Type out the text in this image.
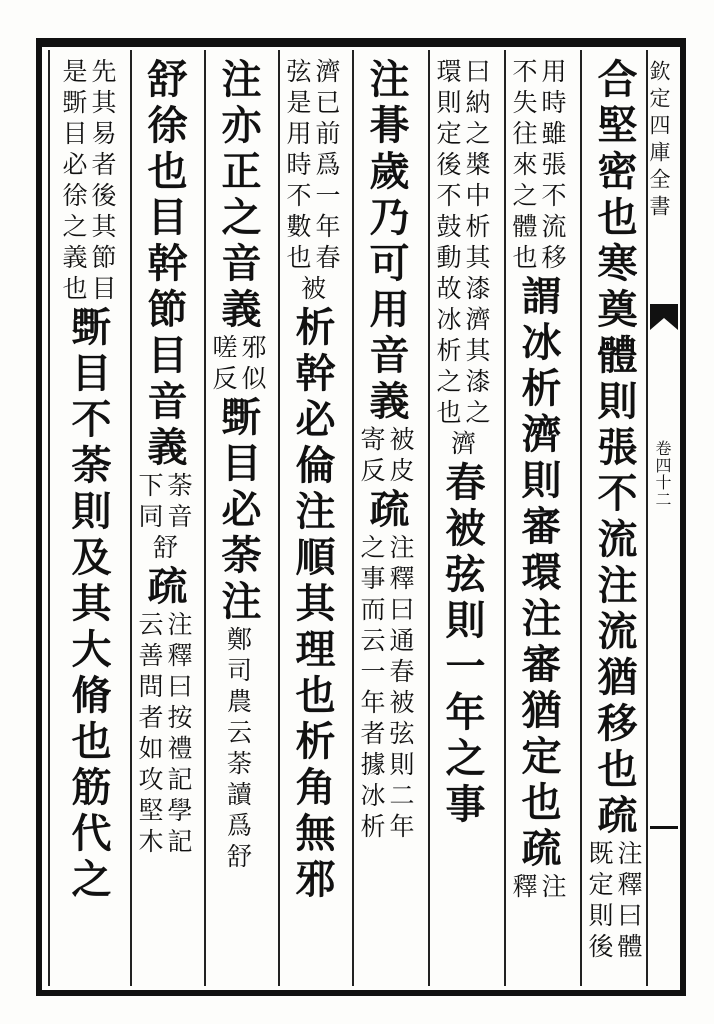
欽定四庫全書
卷四十二
合堅密也寒奠體則張不流注流猶移也疏
注釋曰體
既定則後
用時雖張不流移
不失往來之體也
謂冰析濟則審環注審猶定也疏
注
釋
曰納之槳中析其漆濟其漆之
環則定後不鼓動故冰析之也
濟
春被弦則一年之事
注朞歲乃可用音義
被皮
寄反
疏
注釋曰通春被弦則二年
之事而云一年者據冰析
濟已前爲一年春
弦是用時不數也
被
析幹必倫注順其理也析角無邪
注亦正之音義
邪似
嗟反
斲目必荼注
鄭司農云荼讀爲舒
舒徐也目幹節目音義
荼音
下同
舒
疏
注釋曰按禮記學記
云善問者如攻堅木
先其易者後其節目
是斲目必徐之義也
斲目不荼則及其大脩也筋代之
